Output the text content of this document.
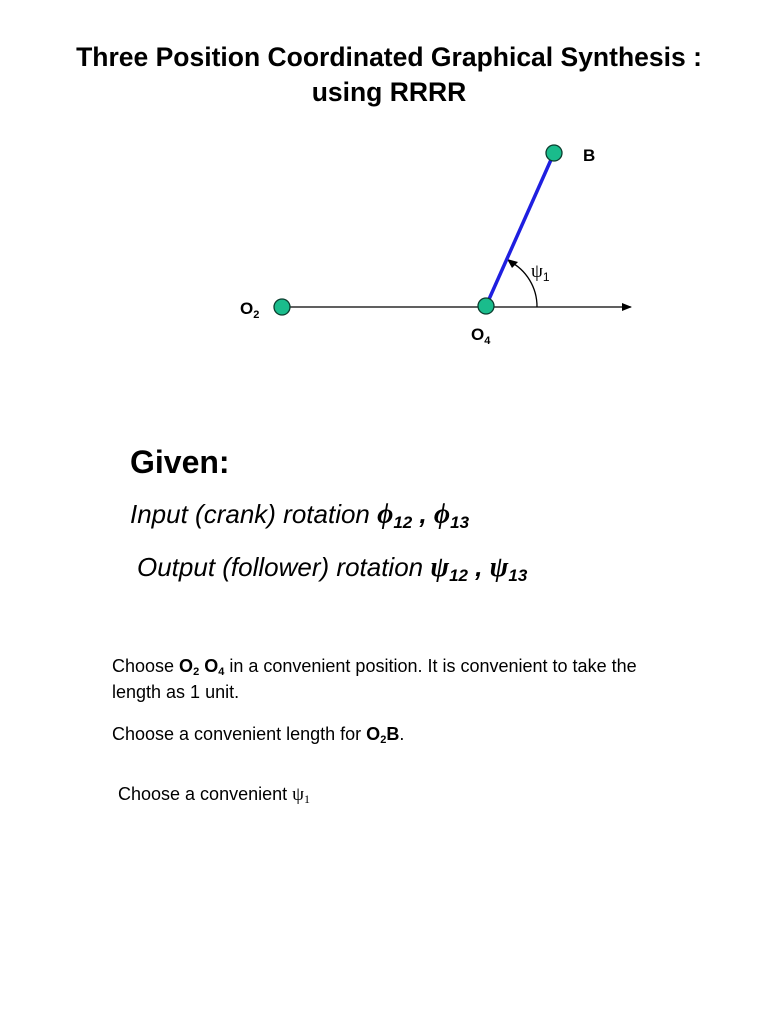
Three Position Coordinated Graphical Synthesis :
using RRRR
$O_2$
$O_4$
B
$\psi_1$
Given:
Input (crank) rotation $\phi_{12}$ , $\phi_{13}$
Output (follower) rotation $\psi_{12}$ , $\psi_{13}$
Choose $O_2$ $O_4$ in a convenient position. It is convenient to take the length as 1 unit.
Choose a convenient length for $O_2B$.
Choose a convenient $\psi_1$
